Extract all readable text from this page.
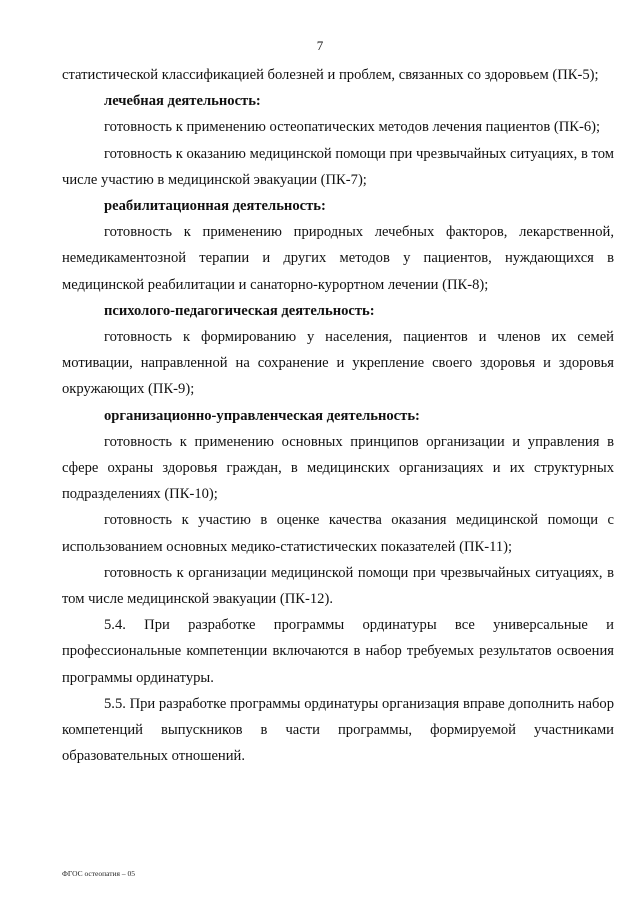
7

статистической классификацией болезней и проблем, связанных со здоровьем (ПК-5);

лечебная деятельность:

готовность к применению остеопатических методов лечения пациентов (ПК-6);

готовность к оказанию медицинской помощи при чрезвычайных ситуациях, в том числе участию в медицинской эвакуации (ПК-7);

реабилитационная деятельность:

готовность к применению природных лечебных факторов, лекарственной, немедикаментозной терапии и других методов у пациентов, нуждающихся в медицинской реабилитации и санаторно-курортном лечении (ПК-8);

психолого-педагогическая деятельность:

готовность к формированию у населения, пациентов и членов их семей мотивации, направленной на сохранение и укрепление своего здоровья и здоровья окружающих (ПК-9);

организационно-управленческая деятельность:

готовность к применению основных принципов организации и управления в сфере охраны здоровья граждан, в медицинских организациях и их структурных подразделениях (ПК-10);

готовность к участию в оценке качества оказания медицинской помощи с использованием основных медико-статистических показателей (ПК-11);

готовность к организации медицинской помощи при чрезвычайных ситуациях, в том числе медицинской эвакуации (ПК-12).

5.4. При разработке программы ординатуры все универсальные и профессиональные компетенции включаются в набор требуемых результатов освоения программы ординатуры.

5.5. При разработке программы ординатуры организация вправе дополнить набор компетенций выпускников в части программы, формируемой участниками образовательных отношений.

ФГОС остеопатия – 05
